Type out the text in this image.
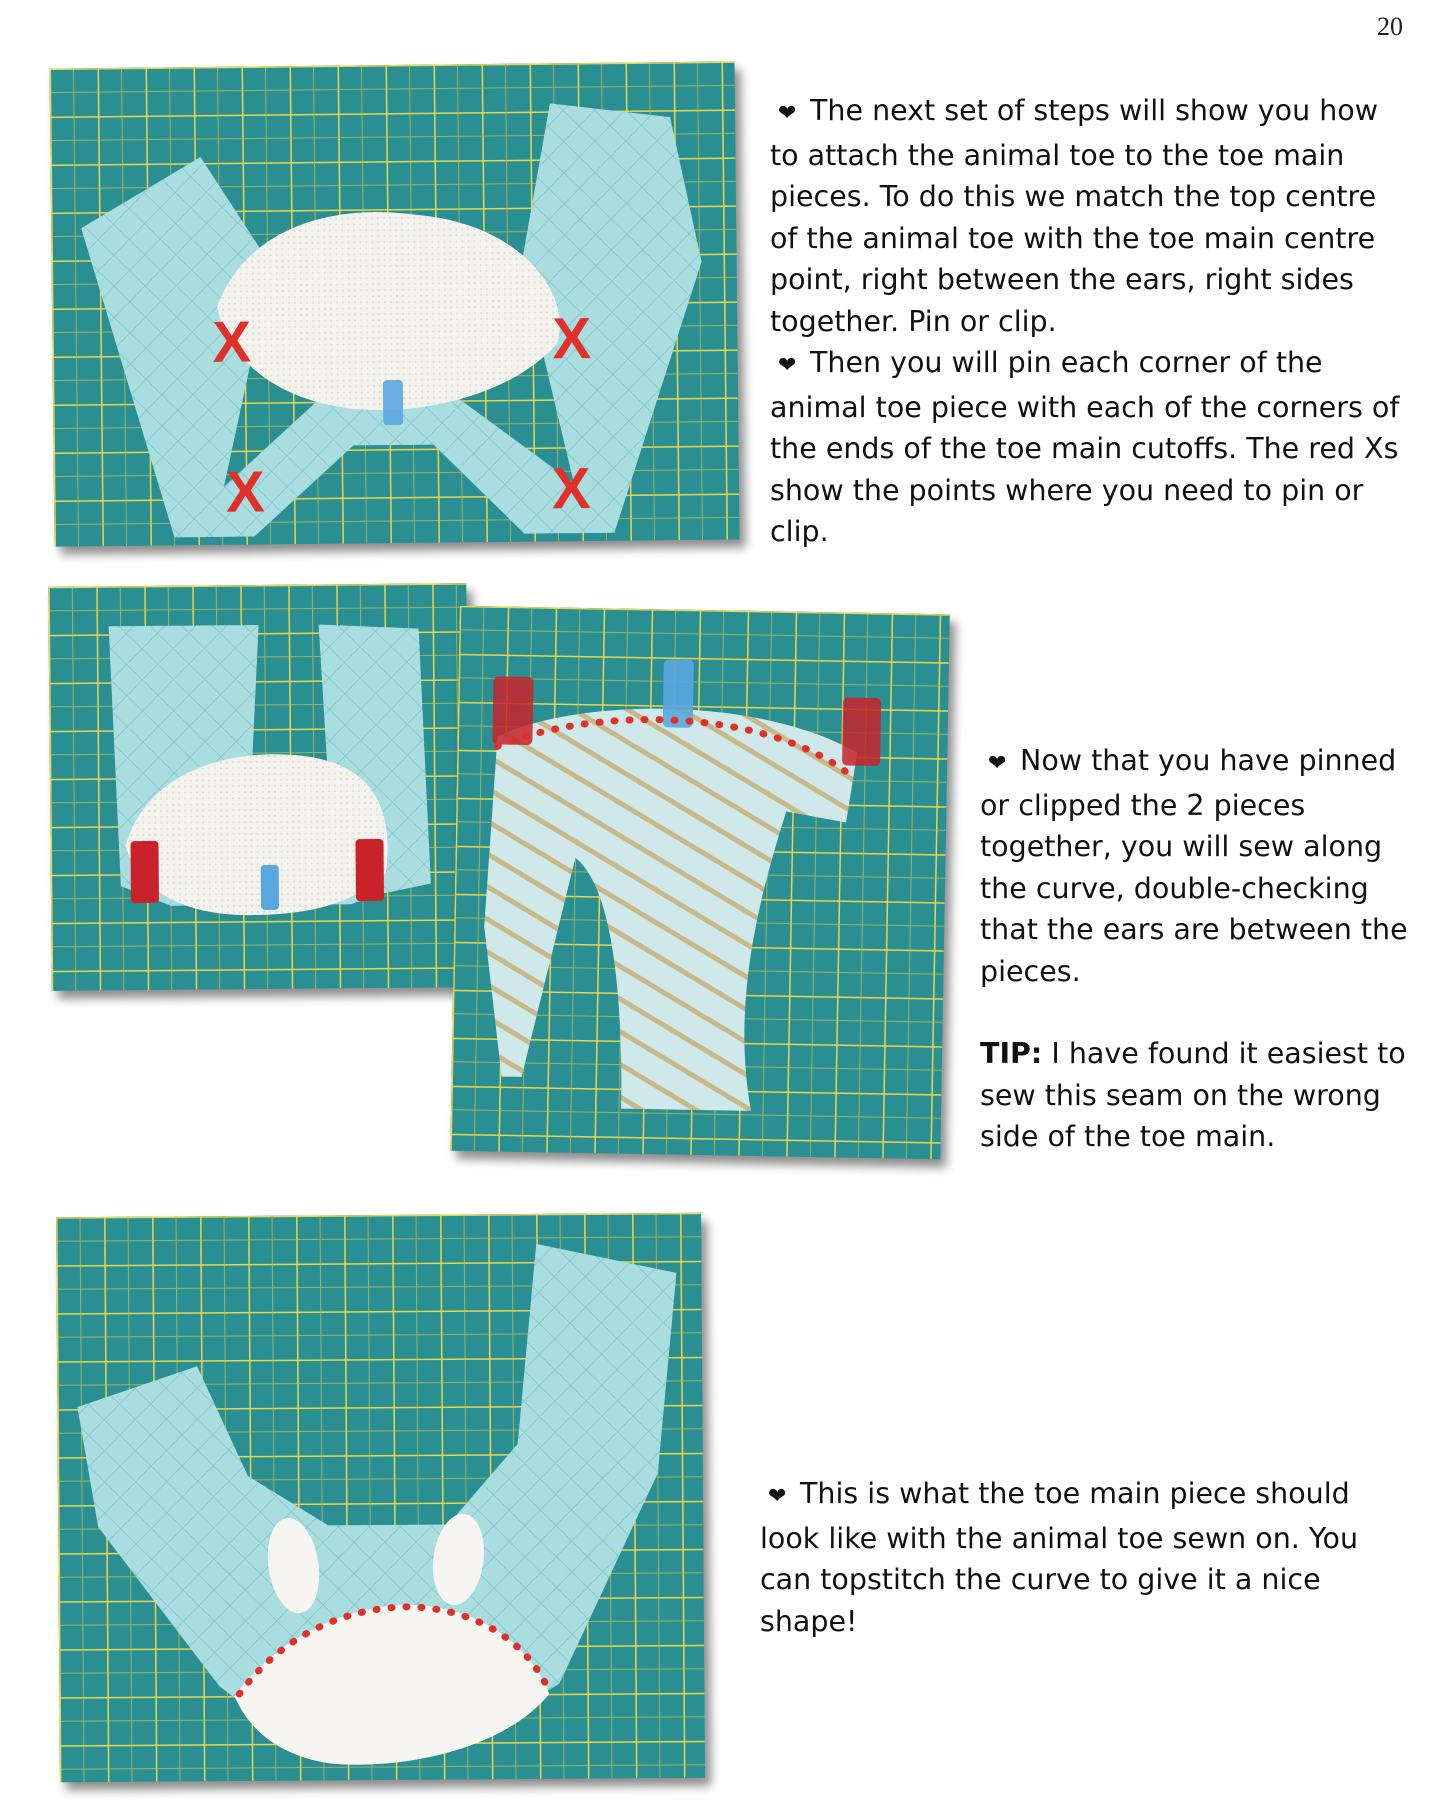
20
X	X
X	X

❤ The next set of steps will show you how to attach the animal toe to the toe main pieces. To do this we match the top centre of the animal toe with the toe main centre point, right between the ears, right sides together. Pin or clip.

❤ Then you will pin each corner of the animal toe piece with each of the corners of the ends of the toe main cutoffs. The red Xs show the points where you need to pin or clip.

❤ Now that you have pinned or clipped the 2 pieces together, you will sew along the curve, double-checking that the ears are between the pieces.

TIP: I have found it easiest to sew this seam on the wrong side of the toe main.

❤ This is what the toe main piece should look like with the animal toe sewn on. You can topstitch the curve to give it a nice shape!
